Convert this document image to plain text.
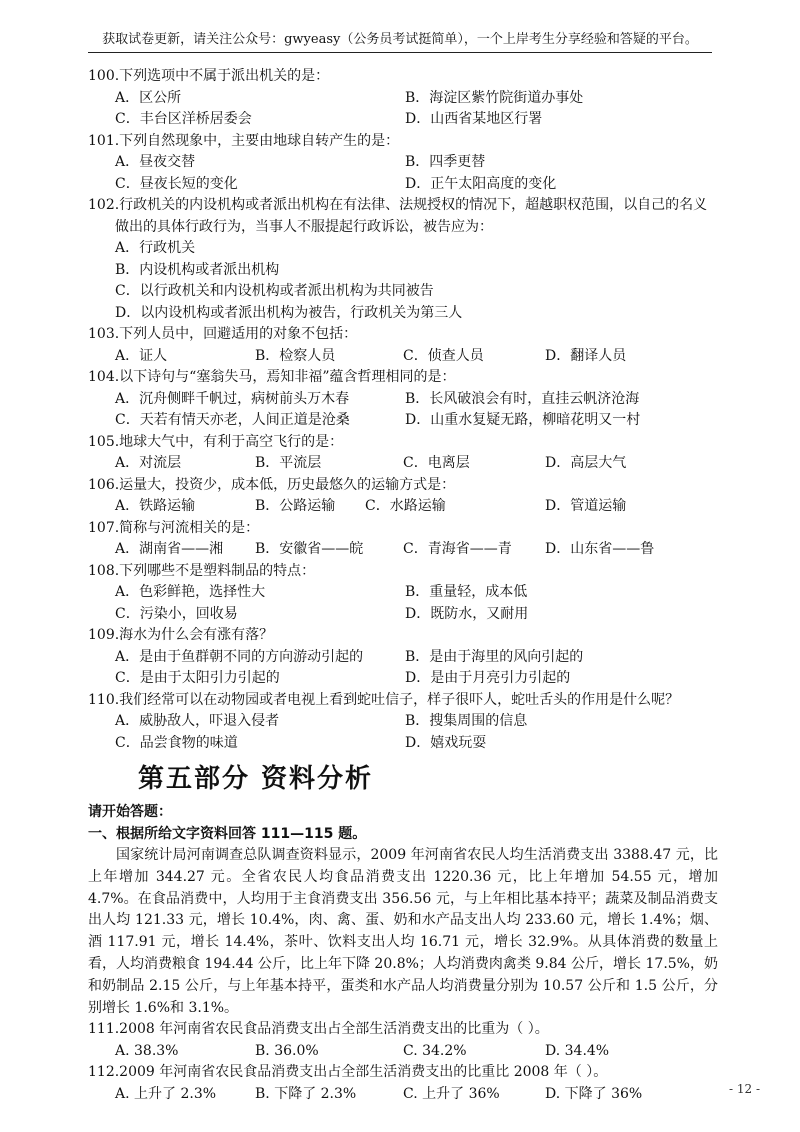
获取试卷更新，请关注公众号：gwyeasy（公务员考试挺简单），一个上岸考生分享经验和答疑的平台。
100.下列选项中不属于派出机关的是：
A．区公所	B．海淀区紫竹院街道办事处
C．丰台区洋桥居委会	D．山西省某地区行署
101.下列自然现象中，主要由地球自转产生的是：
A．昼夜交替	B．四季更替
C．昼夜长短的变化	D．正午太阳高度的变化
102.行政机关的内设机构或者派出机构在有法律、法规授权的情况下，超越职权范围，以自己的名义做出的具体行政行为，当事人不服提起行政诉讼，被告应为：
A．行政机关
B．内设机构或者派出机构
C．以行政机关和内设机构或者派出机构为共同被告
D．以内设机构或者派出机构为被告，行政机关为第三人
103.下列人员中，回避适用的对象不包括：
A．证人	B．检察人员	C．侦查人员	D．翻译人员
104.以下诗句与“塞翁失马，焉知非福”蕴含哲理相同的是：
A．沉舟侧畔千帆过，病树前头万木春	B．长风破浪会有时，直挂云帆济沧海
C．天若有情天亦老，人间正道是沧桑	D．山重水复疑无路，柳暗花明又一村
105.地球大气中，有利于高空飞行的是：
A．对流层	B．平流层	C．电离层	D．高层大气
106.运量大，投资少，成本低，历史最悠久的运输方式是：
A．铁路运输	B．公路运输	C．水路运输	D．管道运输
107.简称与河流相关的是：
A．湖南省——湘	B．安徽省——皖	C．青海省——青	D．山东省——鲁
108.下列哪些不是塑料制品的特点：
A．色彩鲜艳，选择性大	B．重量轻，成本低
C．污染小，回收易	D．既防水，又耐用
109.海水为什么会有涨有落？
A．是由于鱼群朝不同的方向游动引起的	B．是由于海里的风向引起的
C．是由于太阳引力引起的	D．是由于月亮引力引起的
110.我们经常可以在动物园或者电视上看到蛇吐信子，样子很吓人，蛇吐舌头的作用是什么呢？
A．威胁敌人，吓退入侵者	B．搜集周围的信息
C．品尝食物的味道	D．嬉戏玩耍
第五部分 资料分析
请开始答题：
一、根据所给文字资料回答 111—115 题。
国家统计局河南调查总队调查资料显示，2009 年河南省农民人均生活消费支出 3388.47 元，比上年增加 344.27 元。全省农民人均食品消费支出 1220.36 元，比上年增加 54.55 元，增加 4.7%。在食品消费中，人均用于主食消费支出 356.56 元，与上年相比基本持平；蔬菜及制品消费支出人均 121.33 元，增长 10.4%，肉、禽、蛋、奶和水产品支出人均 233.60 元，增长 1.4%；烟、酒 117.91 元，增长 14.4%，茶叶、饮料支出人均 16.71 元，增长 32.9%。从具体消费的数量上看，人均消费粮食 194.44 公斤，比上年下降 20.8%；人均消费肉禽类 9.84 公斤，增长 17.5%，奶和奶制品 2.15 公斤，与上年基本持平，蛋类和水产品人均消费量分别为 10.57 公斤和 1.5 公斤，分别增长 1.6%和 3.1%。
111.2008 年河南省农民食品消费支出占全部生活消费支出的比重为（ ）。
A. 38.3%	B. 36.0%	C. 34.2%	D. 34.4%
112.2009 年河南省农民食品消费支出占全部生活消费支出的比重比 2008 年（ ）。
A. 上升了 2.3%	B. 下降了 2.3%	C. 上升了 36%	D. 下降了 36%	- 12 -
